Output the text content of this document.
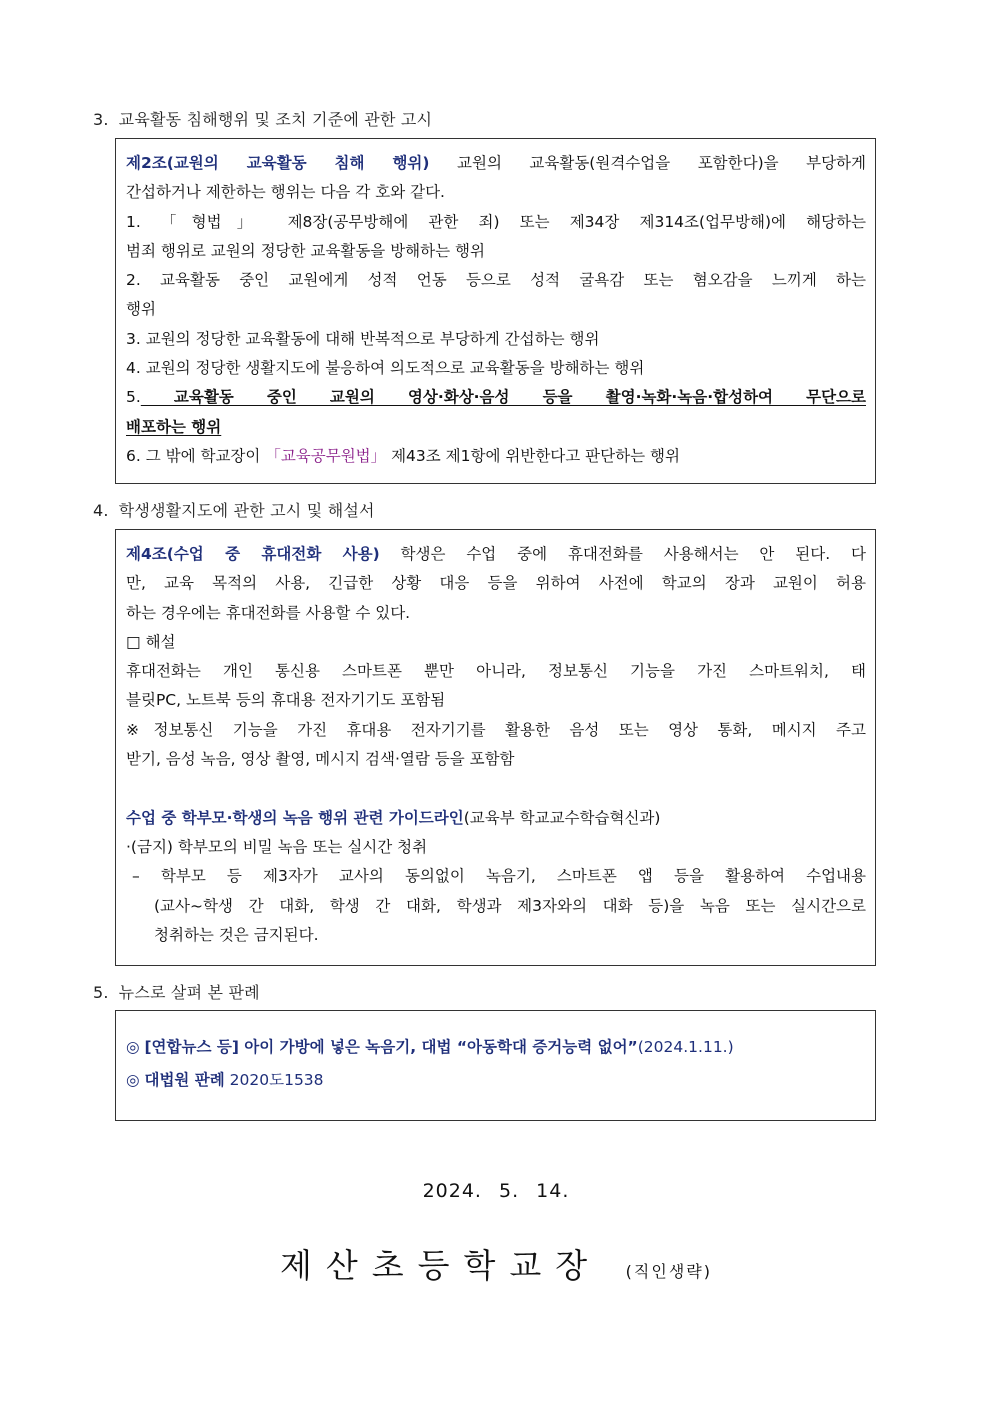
3. 교육활동 침해행위 및 조치 기준에 관한 고시
제2조(교원의 교육활동 침해 행위) 교원의 교육활동(원격수업을 포함한다)을 부당하게
간섭하거나 제한하는 행위는 다음 각 호와 같다.
1. 「형법」 제8장(공무방해에 관한 죄) 또는 제34장 제314조(업무방해)에 해당하는
범죄 행위로 교원의 정당한 교육활동을 방해하는 행위
2. 교육활동 중인 교원에게 성적 언동 등으로 성적 굴욕감 또는 혐오감을 느끼게 하는
행위
3. 교원의 정당한 교육활동에 대해 반복적으로 부당하게 간섭하는 행위
4. 교원의 정당한 생활지도에 불응하여 의도적으로 교육활동을 방해하는 행위
5. 교육활동 중인 교원의 영상·화상·음성 등을 촬영·녹화·녹음·합성하여 무단으로
배포하는 행위
6. 그 밖에 학교장이 「교육공무원법」 제43조 제1항에 위반한다고 판단하는 행위
4. 학생생활지도에 관한 고시 및 해설서
제4조(수업 중 휴대전화 사용) 학생은 수업 중에 휴대전화를 사용해서는 안 된다. 다
만, 교육 목적의 사용, 긴급한 상황 대응 등을 위하여 사전에 학교의 장과 교원이 허용
하는 경우에는 휴대전화를 사용할 수 있다.
□ 해설
휴대전화는 개인 통신용 스마트폰 뿐만 아니라, 정보통신 기능을 가진 스마트워치, 태
블릿PC, 노트북 등의 휴대용 전자기기도 포함됨
※정보통신 기능을 가진 휴대용 전자기기를 활용한 음성 또는 영상 통화, 메시지 주고
받기, 음성 녹음, 영상 촬영, 메시지 검색·열람 등을 포함함
수업 중 학부모·학생의 녹음 행위 관련 가이드라인(교육부 학교교수학습혁신과)
·(금지) 학부모의 비밀 녹음 또는 실시간 청취
– 학부모 등 제3자가 교사의 동의없이 녹음기, 스마트폰 앱 등을 활용하여 수업내용
(교사~학생 간 대화, 학생 간 대화, 학생과 제3자와의 대화 등)을 녹음 또는 실시간으로
청취하는 것은 금지된다.
5. 뉴스로 살펴 본 판례
◎ [연합뉴스 등] 아이 가방에 넣은 녹음기, 대법 “아동학대 증거능력 없어”(2024.1.11.)
◎ 대법원 판례 2020도1538
2024. 5. 14.
제산초등학교장 (직인생략)
